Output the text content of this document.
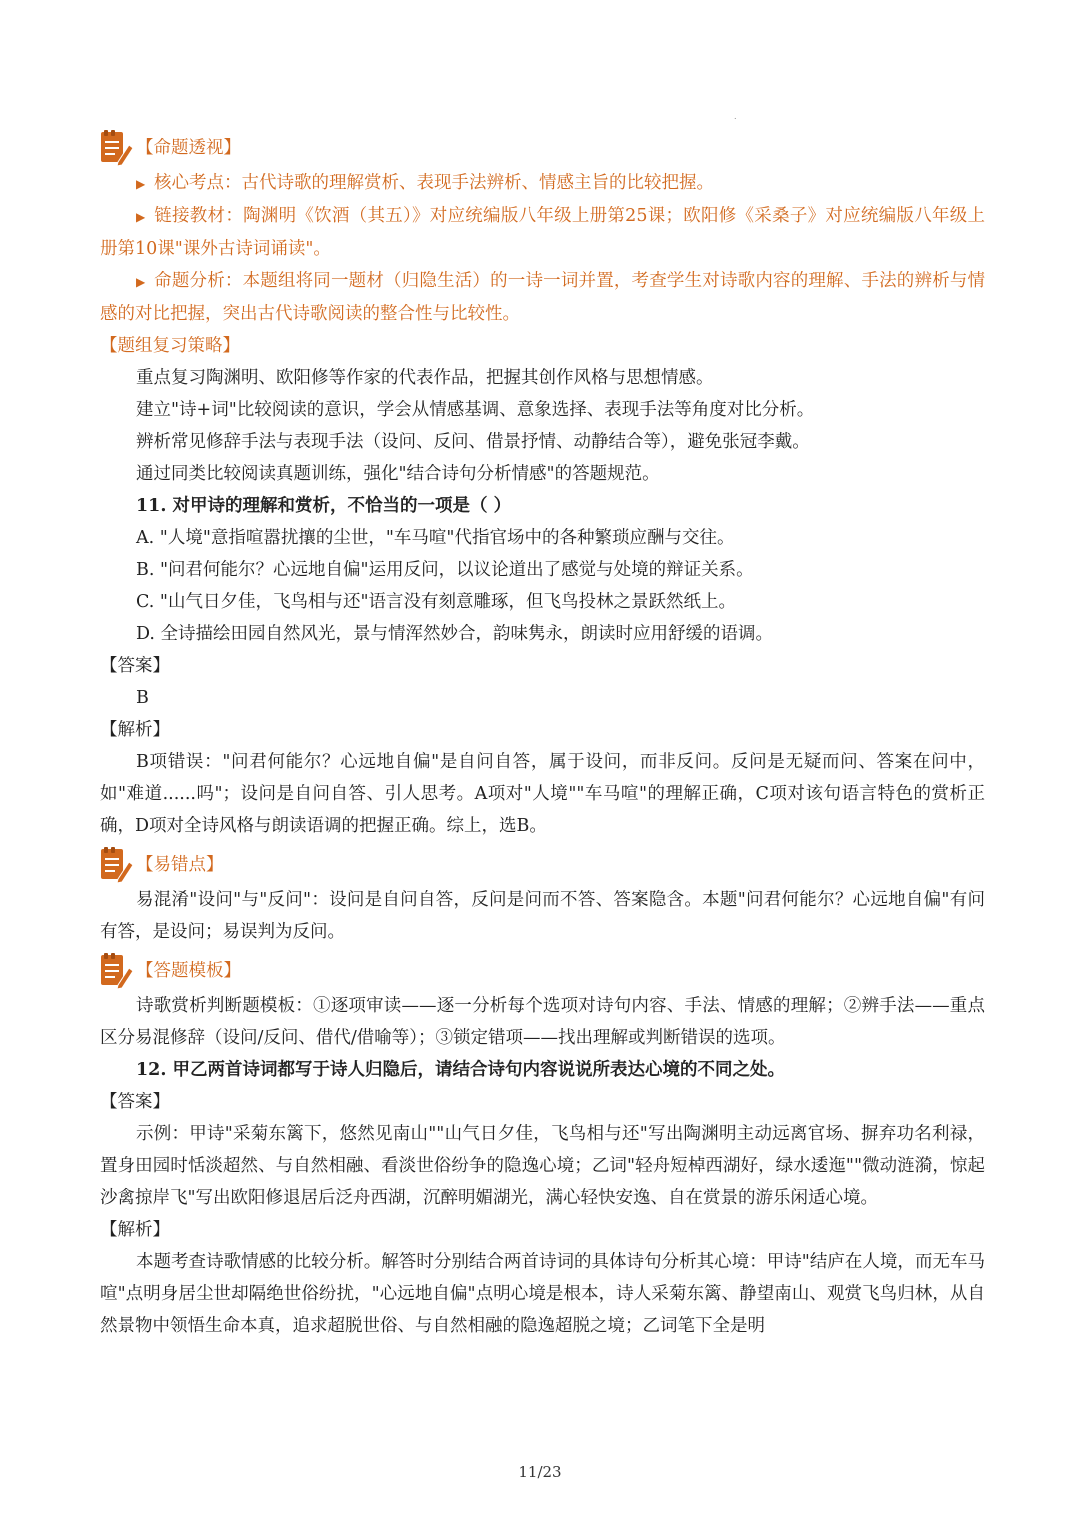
.
【命题透视】
▶ 核心考点：古代诗歌的理解赏析、表现手法辨析、情感主旨的比较把握。
▶ 链接教材：陶渊明《饮酒（其五）》对应统编版八年级上册第25课；欧阳修《采桑子》对应统编版八年级上册第10课"课外古诗词诵读"。
▶ 命题分析：本题组将同一题材（归隐生活）的一诗一词并置，考查学生对诗歌内容的理解、手法的辨析与情感的对比把握，突出古代诗歌阅读的整合性与比较性。
【题组复习策略】
重点复习陶渊明、欧阳修等作家的代表作品，把握其创作风格与思想情感。
建立"诗+词"比较阅读的意识，学会从情感基调、意象选择、表现手法等角度对比分析。
辨析常见修辞手法与表现手法（设问、反问、借景抒情、动静结合等），避免张冠李戴。
通过同类比较阅读真题训练，强化"结合诗句分析情感"的答题规范。
11. 对甲诗的理解和赏析，不恰当的一项是（ ）
A. "人境"意指喧嚣扰攘的尘世，"车马喧"代指官场中的各种繁琐应酬与交往。
B. "问君何能尔？心远地自偏"运用反问，以议论道出了感觉与处境的辩证关系。
C. "山气日夕佳，飞鸟相与还"语言没有刻意雕琢，但飞鸟投林之景跃然纸上。
D. 全诗描绘田园自然风光，景与情浑然妙合，韵味隽永，朗读时应用舒缓的语调。
【答案】
B
【解析】
B项错误："问君何能尔？心远地自偏"是自问自答，属于设问，而非反问。反问是无疑而问、答案在问中，如"难道......吗"；设问是自问自答、引人思考。A项对"人境""车马喧"的理解正确，C项对该句语言特色的赏析正确，D项对全诗风格与朗读语调的把握正确。综上，选B。
【易错点】
易混淆"设问"与"反问"：设问是自问自答，反问是问而不答、答案隐含。本题"问君何能尔？心远地自偏"有问有答，是设问；易误判为反问。
【答题模板】
诗歌赏析判断题模板：①逐项审读——逐一分析每个选项对诗句内容、手法、情感的理解；②辨手法——重点区分易混修辞（设问/反问、借代/借喻等）；③锁定错项——找出理解或判断错误的选项。
12. 甲乙两首诗词都写于诗人归隐后，请结合诗句内容说说所表达心境的不同之处。
【答案】
示例：甲诗"采菊东篱下，悠然见南山""山气日夕佳，飞鸟相与还"写出陶渊明主动远离官场、摒弃功名利禄，置身田园时恬淡超然、与自然相融、看淡世俗纷争的隐逸心境；乙词"轻舟短棹西湖好，绿水逶迤""微动涟漪，惊起沙禽掠岸飞"写出欧阳修退居后泛舟西湖，沉醉明媚湖光，满心轻快安逸、自在赏景的游乐闲适心境。
【解析】
本题考查诗歌情感的比较分析。解答时分别结合两首诗词的具体诗句分析其心境：甲诗"结庐在人境，而无车马喧"点明身居尘世却隔绝世俗纷扰，"心远地自偏"点明心境是根本，诗人采菊东篱、静望南山、观赏飞鸟归林，从自然景物中领悟生命本真，追求超脱世俗、与自然相融的隐逸超脱之境；乙词笔下全是明
11/23
